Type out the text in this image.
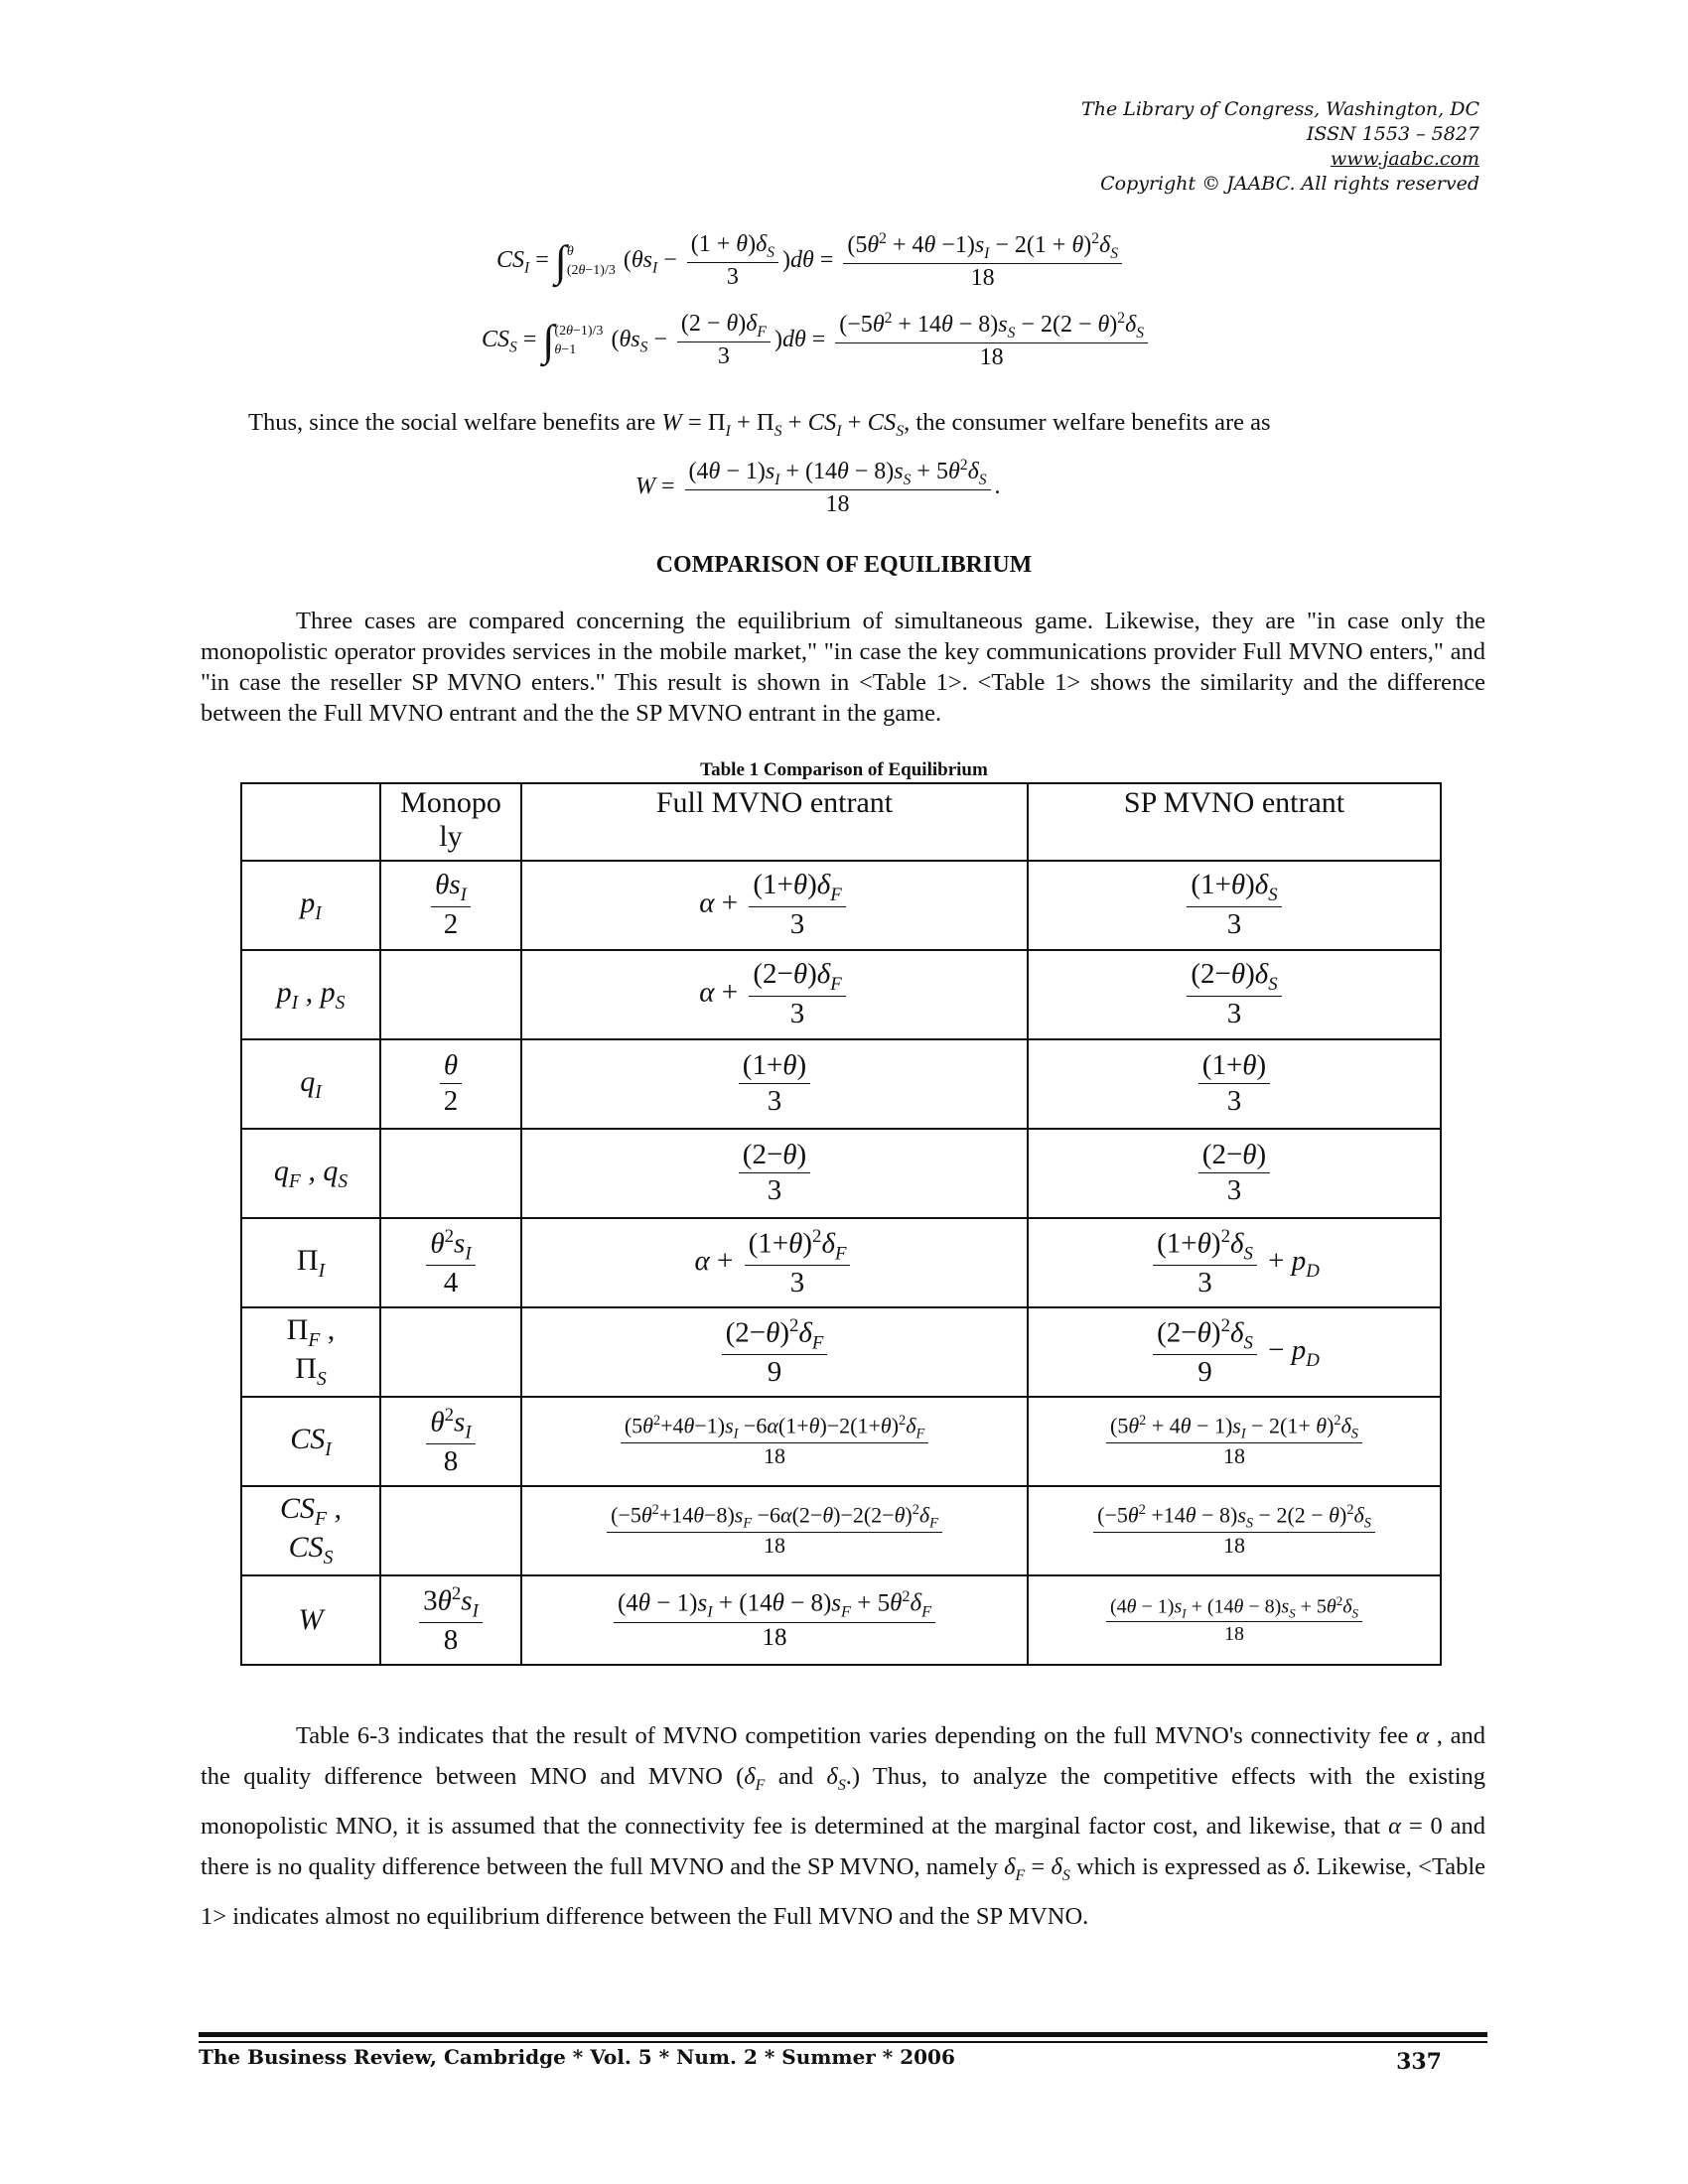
The Library of Congress, Washington, DC
ISSN 1553 – 5827
www.jaabc.com
Copyright © JAABC. All rights reserved
$CS_I$ = ∫ θ
(2θ−1)/3 $(\theta s_I - \frac{(1 + \theta)\delta_S}{3} )d\theta = \frac{(5\theta^2 + 4\theta -1)s_I - 2(1 + \theta)^2\delta_S}{18}$
$CS_S$ = ∫ (2θ−1)/3
θ−1	$(\theta s_S - \frac{(2 - \theta)\delta_F}{3} )d\theta = \frac{(-5\theta^2 + 14\theta - 8)s_S - 2(2 - \theta)^2\delta_S}{18}$
Thus, since the social welfare benefits are $W = \Pi_I + \Pi_S + CS_I + CS_S$, the consumer welfare benefits are as
$W = \frac{(4\theta - 1)s_I + (14\theta - 8)s_S + 5\theta^2\delta_S}{18}$ .
COMPARISON OF EQUILIBRIUM

Three cases are compared concerning the equilibrium of simultaneous game. Likewise, they are "in case only the monopolistic operator provides services in the mobile market," "in case the key communications provider Full MVNO enters," and "in case the reseller SP MVNO enters." This result is shown in <Table 1>. <Table 1> shows the similarity and the difference between the Full MVNO entrant and the the SP MVNO entrant in the game.

Table 1 Comparison of Equilibrium
	Monopo ly	Full MVNO entrant	SP MVNO entrant
$p_I$	$\frac{\theta s_I}{2}$	$\alpha + \frac{(1+\theta)\delta_F}{3}$	$\frac{(1+\theta)\delta_S}{3}$

$p_I$ , $p_S$		$\alpha + \frac{(2-\theta)\delta_F}{3}$	$\frac{(2-\theta)\delta_S}{3}$

$q_I$	$\frac{\theta}{2}$	$\frac{(1+\theta)}{3}$	$\frac{(1+\theta)}{3}$

$q_F$ , $q_S$		$\frac{(2-\theta)}{3}$	$\frac{(2-\theta)}{3}$

$\Pi_I$	$\frac{\theta^2s_I}{4}$	$\alpha + \frac{(1+\theta)^2\delta_F}{3}$	$\frac{(1+\theta)^2\delta_S}{3} + p_D$
$\Pi_F$ ,
$\Pi_S$		$\frac{(2-\theta)^2\delta_F}{9}$	$\frac{(2-\theta)^2\delta_S}{9} - p_D$
$CS_I$	$\frac{\theta^2s_I}{8}$	$\frac{(5\theta^2+4\theta-1)s_I -6\alpha(1+\theta)-2(1+\theta)^2\delta_F}{18}$	$\frac{(5\theta^2 + 4\theta - 1)s_I - 2(1+ \theta)^2\delta_S}{18}$

$CS_F$ ,
$CS_S$		$\frac{(-5\theta^2+14\theta-8)s_F -6\alpha(2-\theta)-2(2-\theta)^2\delta_F}{18}$	$\frac{(-5\theta^2 +14\theta - 8)s_S - 2(2 - \theta)^2\delta_S}{18}$

W	$\frac{3\theta^2s_I}{8}$	$\frac{(4\theta - 1)s_I + (14\theta - 8)s_F + 5\theta^2\delta_F}{18}$	$\frac{(4\theta - 1)s_I + (14\theta - 8)s_S + 5\theta^2\delta_S}{18}$

Table 6-3 indicates that the result of MVNO competition varies depending on the full MVNO's connectivity fee α , and the quality difference between MNO and MVNO ($\delta_F$ and $\delta_S$.) Thus, to analyze the competitive effects with the existing monopolistic MNO, it is assumed that the connectivity fee is determined at the marginal factor cost, and likewise, that α = 0 and there is no quality difference between the full MVNO and the SP MVNO, namely $\delta_F = \delta_S$ which is expressed as δ. Likewise, <Table 1> indicates almost no equilibrium difference between the Full MVNO and the SP MVNO.

The Business Review, Cambridge * Vol. 5 * Num. 2 * Summer * 2006	337
